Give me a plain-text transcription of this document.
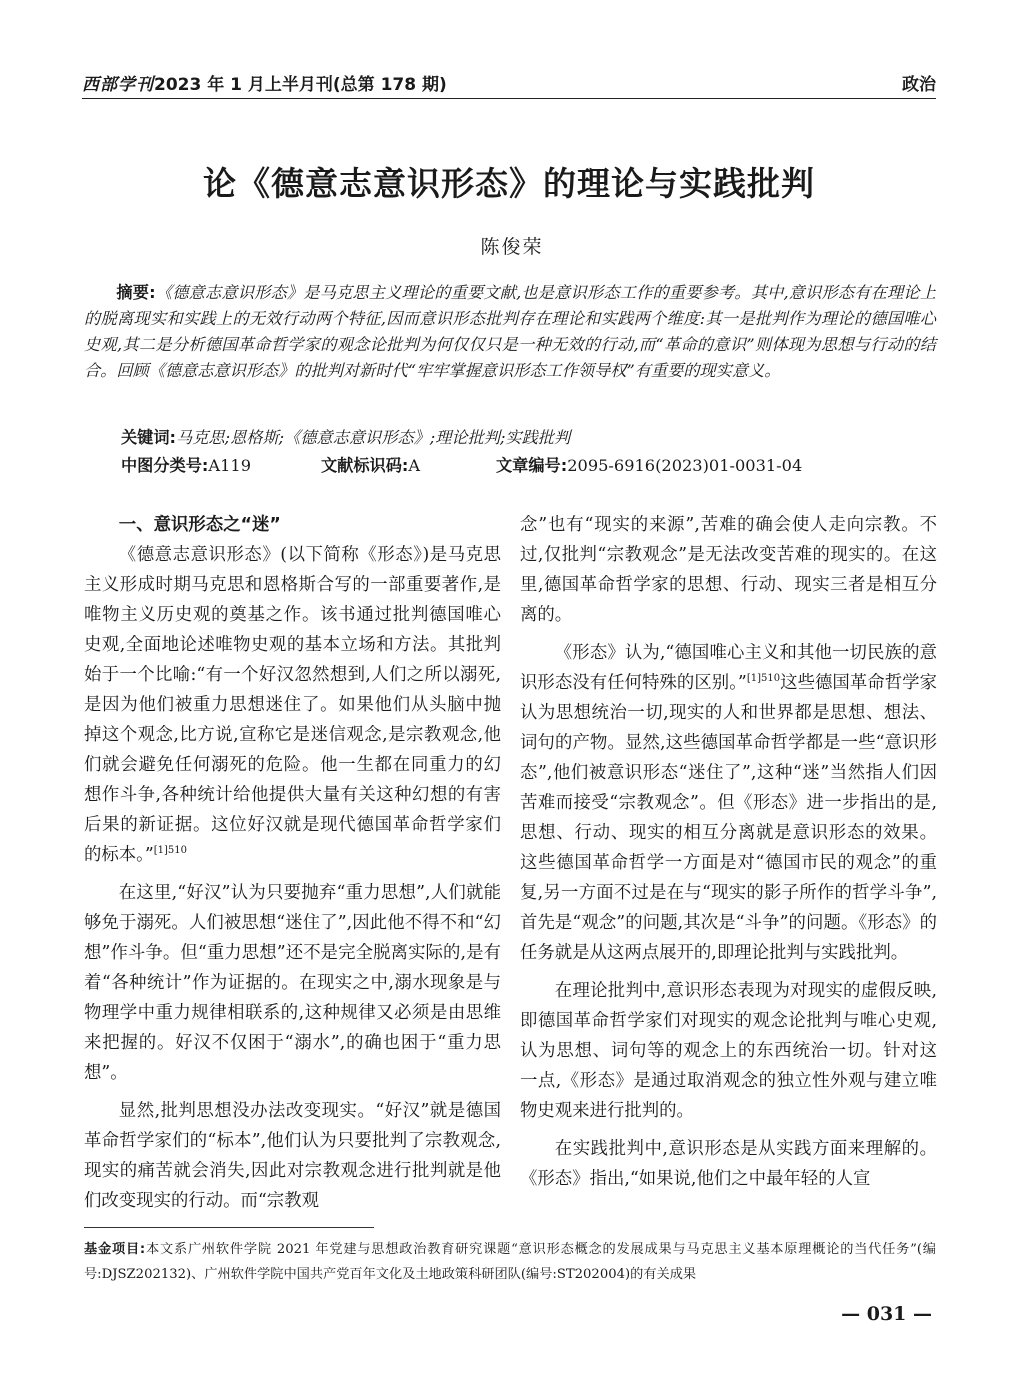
西部学刊2023 年 1 月上半月刊(总第 178 期)	政治
论《德意志意识形态》的理论与实践批判
陈俊荣
摘要:《德意志意识形态》是马克思主义理论的重要文献,也是意识形态工作的重要参考。其中,意识形态有在理论上的脱离现实和实践上的无效行动两个特征,因而意识形态批判存在理论和实践两个维度:其一是批判作为理论的德国唯心史观,其二是分析德国革命哲学家的观念论批判为何仅仅只是一种无效的行动,而“革命的意识”则体现为思想与行动的结合。回顾《德意志意识形态》的批判对新时代“牢牢掌握意识形态工作领导权”有重要的现实意义。
关键词:马克思;恩格斯;《德意志意识形态》;理论批判;实践批判
中图分类号:A119	文献标识码:A	文章编号:2095-6916(2023)01-0031-04
一、意识形态之“迷”

《德意志意识形态》(以下简称《形态》)是马克思主义形成时期马克思和恩格斯合写的一部重要著作,是唯物主义历史观的奠基之作。该书通过批判德国唯心史观,全面地论述唯物史观的基本立场和方法。其批判始于一个比喻:“有一个好汉忽然想到,人们之所以溺死,是因为他们被重力思想迷住了。如果他们从头脑中抛掉这个观念,比方说,宣称它是迷信观念,是宗教观念,他们就会避免任何溺死的危险。他一生都在同重力的幻想作斗争,各种统计给他提供大量有关这种幻想的有害后果的新证据。这位好汉就是现代德国革命哲学家们的标本。”$^{[1]510}$

在这里,“好汉”认为只要抛弃“重力思想”,人们就能够免于溺死。人们被思想“迷住了”,因此他不得不和“幻想”作斗争。但“重力思想”还不是完全脱离实际的,是有着“各种统计”作为证据的。在现实之中,溺水现象是与物理学中重力规律相联系的,这种规律又必须是由思维来把握的。好汉不仅困于“溺水”,的确也困于“重力思想”。

显然,批判思想没办法改变现实。“好汉”就是德国革命哲学家们的“标本”,他们认为只要批判了宗教观念,现实的痛苦就会消失,因此对宗教观念进行批判就是他们改变现实的行动。而“宗教观

念”也有“现实的来源”,苦难的确会使人走向宗教。不过,仅批判“宗教观念”是无法改变苦难的现实的。在这里,德国革命哲学家的思想、行动、现实三者是相互分离的。

《形态》认为,“德国唯心主义和其他一切民族的意识形态没有任何特殊的区别。”$^{[1]510}$这些德国革命哲学家认为思想统治一切,现实的人和世界都是思想、想法、词句的产物。显然,这些德国革命哲学都是一些“意识形态”,他们被意识形态“迷住了”,这种“迷”当然指人们因苦难而接受“宗教观念”。但《形态》进一步指出的是,思想、行动、现实的相互分离就是意识形态的效果。这些德国革命哲学一方面是对“德国市民的观念”的重复,另一方面不过是在与“现实的影子所作的哲学斗争”,首先是“观念”的问题,其次是“斗争”的问题。《形态》的任务就是从这两点展开的,即理论批判与实践批判。

在理论批判中,意识形态表现为对现实的虚假反映,即德国革命哲学家们对现实的观念论批判与唯心史观,认为思想、词句等的观念上的东西统治一切。针对这一点,《形态》是通过取消观念的独立性外观与建立唯物史观来进行批判的。

在实践批判中,意识形态是从实践方面来理解的。《形态》指出,“如果说,他们之中最年轻的人宣

基金项目:本文系广州软件学院 2021 年党建与思想政治教育研究课题“意识形态概念的发展成果与马克思主义基本原理概论的当代任务”(编号:DJSZ202132)、广州软件学院中国共产党百年文化及土地政策科研团队(编号:ST202004)的有关成果
— 031 —
